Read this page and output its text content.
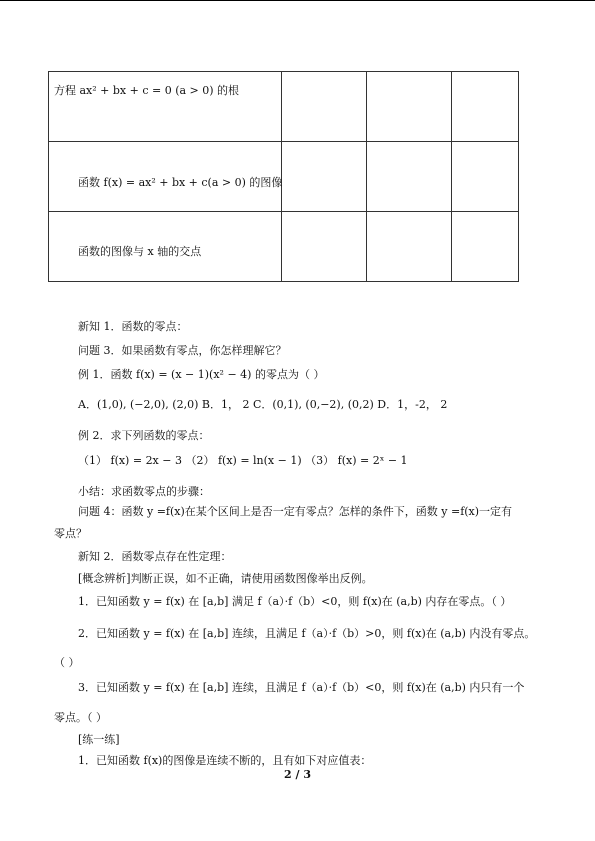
方程 ax² + bx + c = 0 (a > 0) 的根
函数 f(x) = ax² + bx + c(a > 0) 的图像
函数的图像与 x 轴的交点
新知 1．函数的零点：
问题 3．如果函数有零点，你怎样理解它？
例 1．函数 f(x) = (x − 1)(x² − 4) 的零点为（ ）
A．(1,0), (−2,0), (2,0) B．1， 2 C．(0,1), (0,−2), (0,2) D．1，-2， 2
例 2．求下列函数的零点：
（1） f(x) = 2x − 3 （2） f(x) = ln(x − 1) （3） f(x) = 2ˣ − 1
小结：求函数零点的步骤：
问题 4：函数 y =f(x)在某个区间上是否一定有零点？怎样的条件下，函数 y =f(x)一定有
零点？
新知 2．函数零点存在性定理：
[概念辨析]判断正误，如不正确，请使用函数图像举出反例。
1．已知函数 y = f(x) 在 [a,b] 满足 f（a）·f（b）<0，则 f(x)在 (a,b) 内存在零点。（ ）
2．已知函数 y = f(x) 在 [a,b] 连续，且满足 f（a）·f（b）>0，则 f(x)在 (a,b) 内没有零点。
（ ）
3．已知函数 y = f(x) 在 [a,b] 连续，且满足 f（a）·f（b）<0，则 f(x)在 (a,b) 内只有一个
零点。（ ）
[练一练]
1．已知函数 f(x)的图像是连续不断的，且有如下对应值表：
2 / 3
